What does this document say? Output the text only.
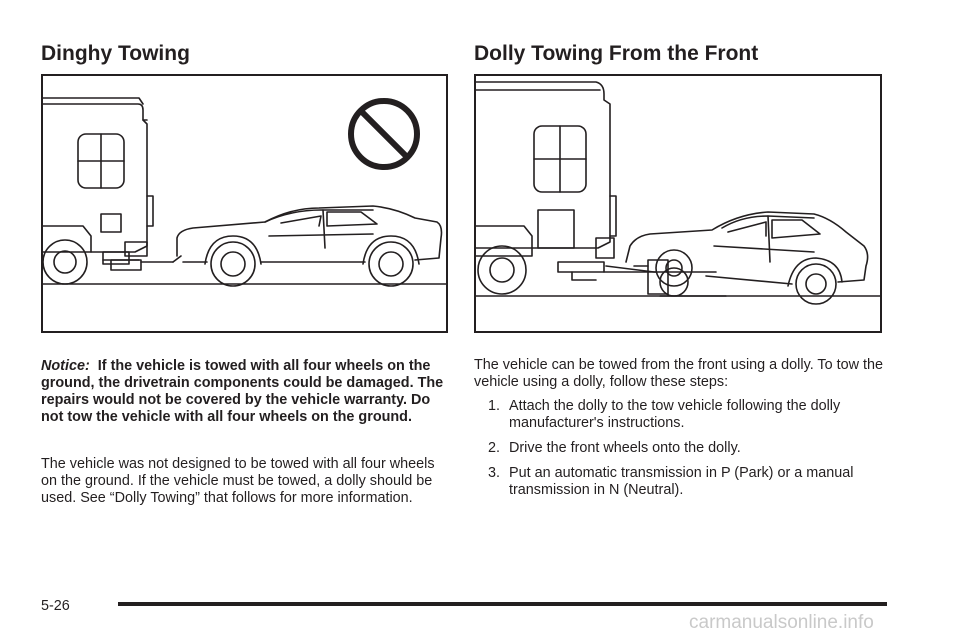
Dinghy Towing
Notice: If the vehicle is towed with all four wheels on the ground, the drivetrain components could be damaged. The repairs would not be covered by the vehicle warranty. Do not tow the vehicle with all four wheels on the ground.
The vehicle was not designed to be towed with all four wheels on the ground. If the vehicle must be towed, a dolly should be used. See “Dolly Towing” that follows for more information.
Dolly Towing From the Front
The vehicle can be towed from the front using a dolly. To tow the vehicle using a dolly, follow these steps:
1. Attach the dolly to the tow vehicle following the dolly manufacturer's instructions.
2. Drive the front wheels onto the dolly.
3. Put an automatic transmission in P (Park) or a manual transmission in N (Neutral).
5-26
carmanualsonline.info
